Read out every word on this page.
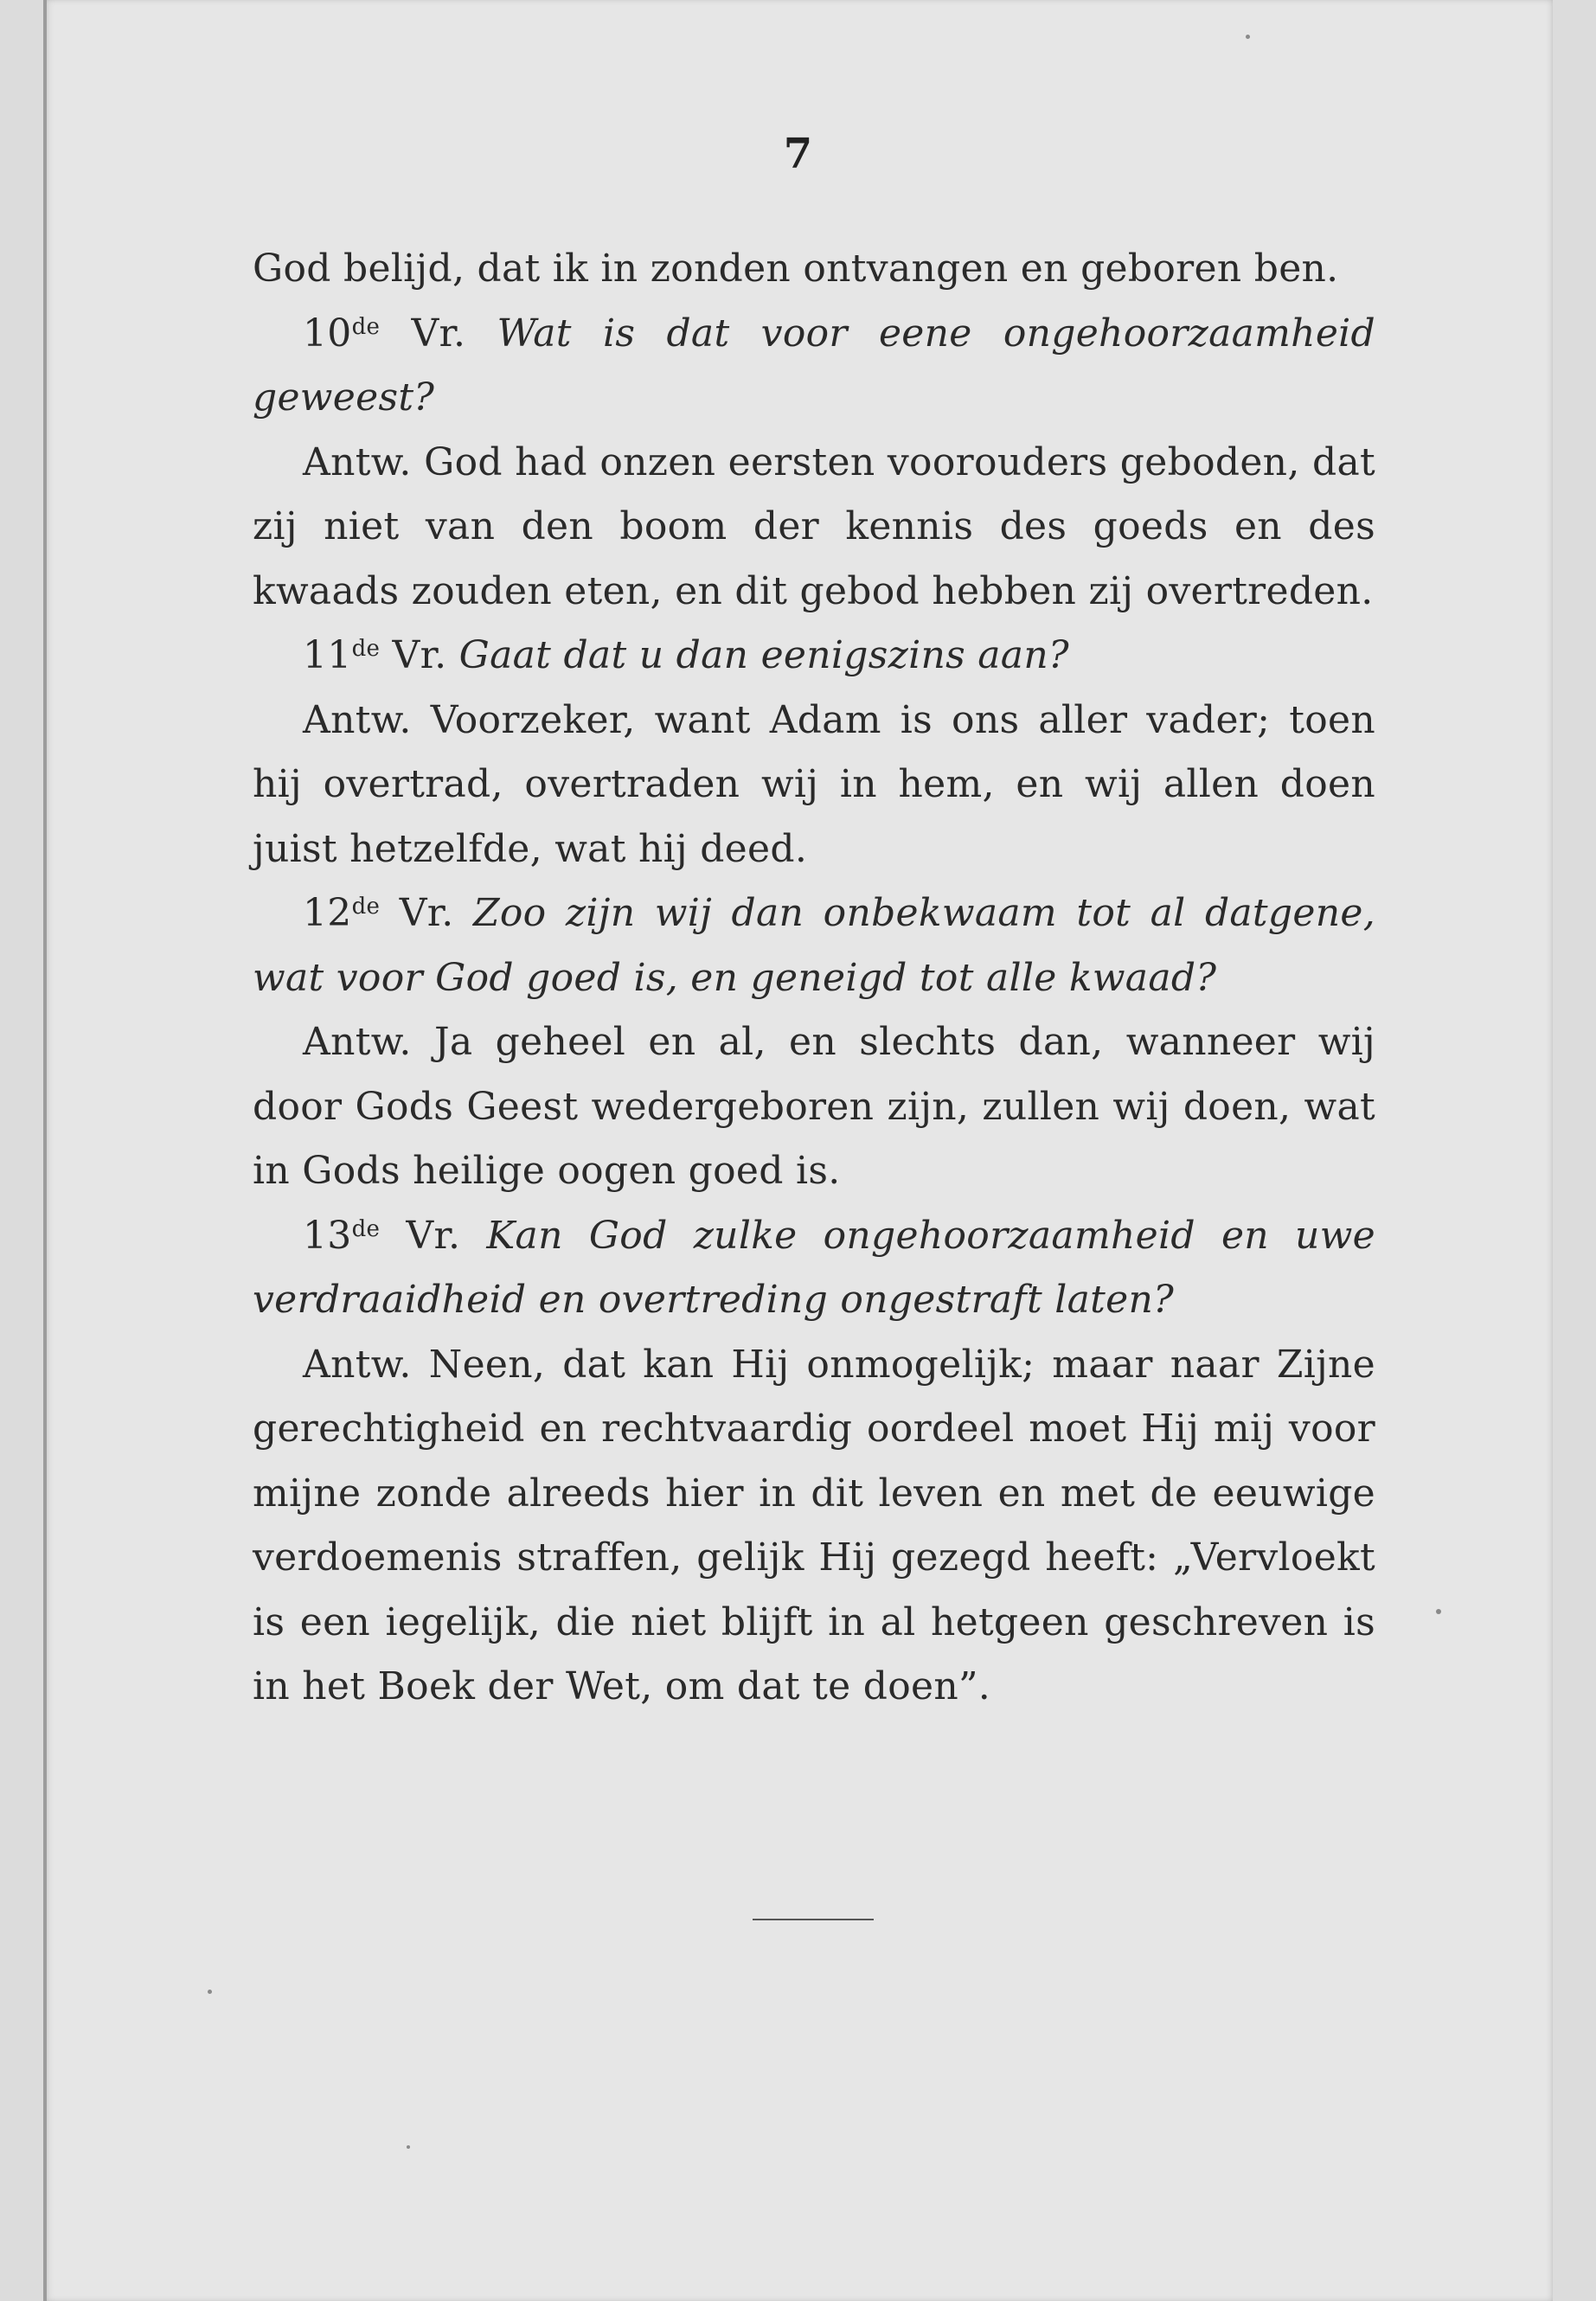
7

God belijd, dat ik in zonden ontvangen en geboren ben.

10de Vr. Wat is dat voor eene ongehoorzaamheid geweest?

Antw. God had onzen eersten voorouders geboden, dat zij niet van den boom der kennis des goeds en des kwaads zouden eten, en dit gebod hebben zij overtreden.

11de Vr. Gaat dat u dan eenigszins aan?

Antw. Voorzeker, want Adam is ons aller vader; toen hij overtrad, overtraden wij in hem, en wij allen doen juist hetzelfde, wat hij deed.

12de Vr. Zoo zijn wij dan onbekwaam tot al datgene, wat voor God goed is, en geneigd tot alle kwaad?

Antw. Ja geheel en al, en slechts dan, wanneer wij door Gods Geest wedergeboren zijn, zullen wij doen, wat in Gods heilige oogen goed is.

13de Vr. Kan God zulke ongehoorzaamheid en uwe verdraaidheid en overtreding ongestraft laten?

Antw. Neen, dat kan Hij onmogelijk; maar naar Zijne gerechtigheid en rechtvaardig oordeel moet Hij mij voor mijne zonde alreeds hier in dit leven en met de eeuwige verdoemenis straffen, gelijk Hij gezegd heeft: „Vervloekt is een iegelijk, die niet blijft in al hetgeen geschreven is in het Boek der Wet, om dat te doen”.
